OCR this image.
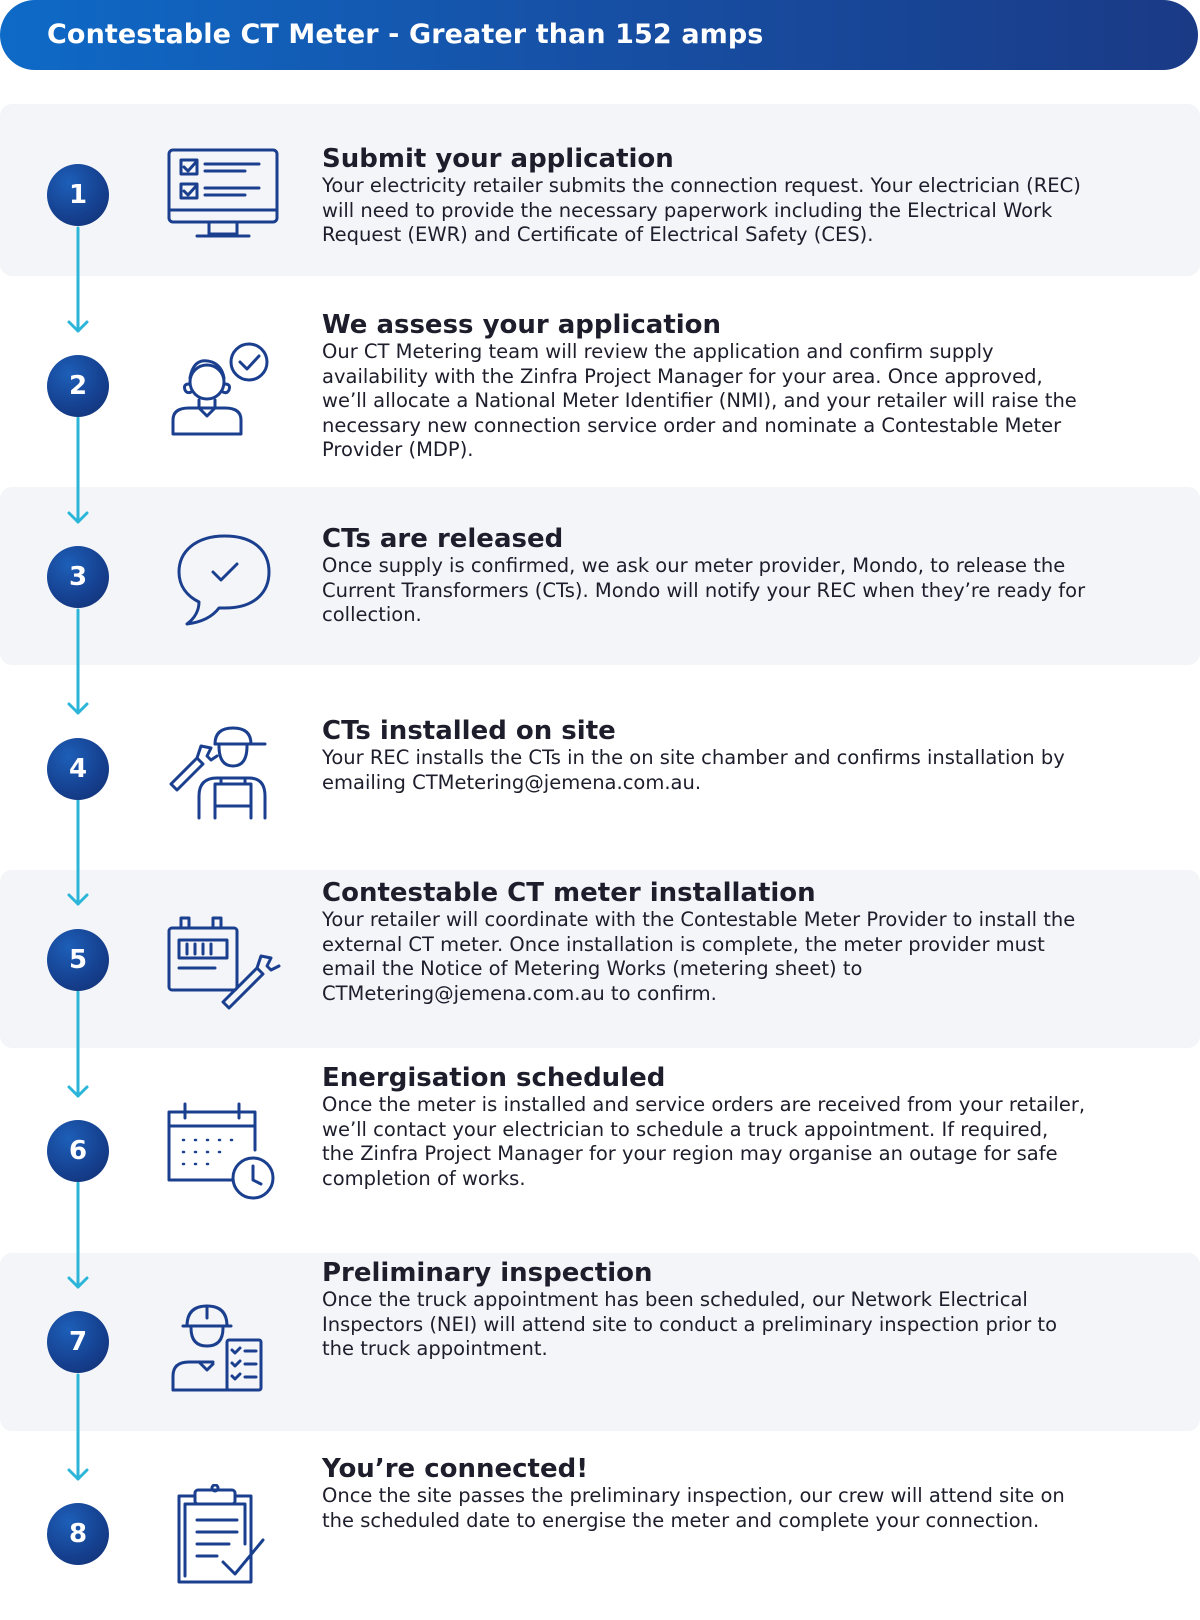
Contestable CT Meter - Greater than 152 amps
1
Submit your application
Your electricity retailer submits the connection request. Your electrician (REC)
will need to provide the necessary paperwork including the Electrical Work
Request (EWR) and Certificate of Electrical Safety (CES).
2
We assess your application
Our CT Metering team will review the application and confirm supply
availability with the Zinfra Project Manager for your area. Once approved,
we’ll allocate a National Meter Identifier (NMI), and your retailer will raise the
necessary new connection service order and nominate a Contestable Meter
Provider (MDP).
3
CTs are released
Once supply is confirmed, we ask our meter provider, Mondo, to release the
Current Transformers (CTs). Mondo will notify your REC when they’re ready for
collection.
4
CTs installed on site
Your REC installs the CTs in the on site chamber and confirms installation by
emailing CTMetering@jemena.com.au.
5
Contestable CT meter installation
Your retailer will coordinate with the Contestable Meter Provider to install the
external CT meter. Once installation is complete, the meter provider must
email the Notice of Metering Works (metering sheet) to
CTMetering@jemena.com.au to confirm.
6
Energisation scheduled
Once the meter is installed and service orders are received from your retailer,
we’ll contact your electrician to schedule a truck appointment. If required,
the Zinfra Project Manager for your region may organise an outage for safe
completion of works.
7
Preliminary inspection
Once the truck appointment has been scheduled, our Network Electrical
Inspectors (NEI) will attend site to conduct a preliminary inspection prior to
the truck appointment.
8
You’re connected!
Once the site passes the preliminary inspection, our crew will attend site on
the scheduled date to energise the meter and complete your connection.
